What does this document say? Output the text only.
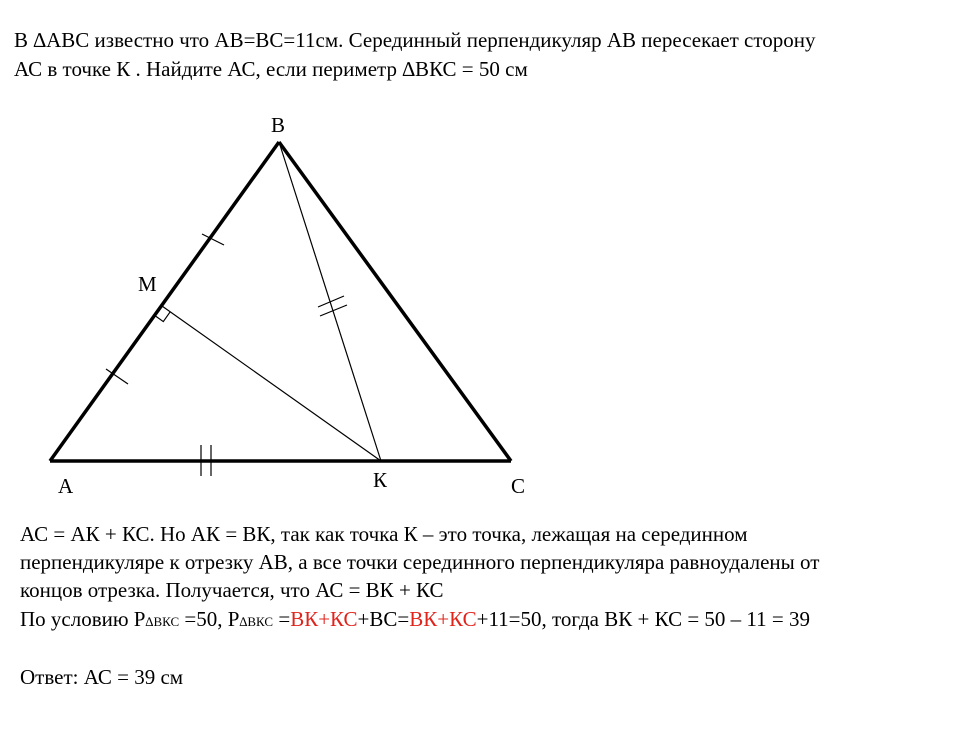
В ∆АВС известно что АВ=ВС=11см. Серединный перпендикуляр АВ пересекает сторону
АС в точке К . Найдите АС, если периметр ∆ВКС = 50 см
В
М
А	К	С
АС = АК + КС. Но АК = ВК, так как точка К – это точка, лежащая на серединном
перпендикуляре к отрезку АВ, а все точки серединного перпендикуляра равноудалены от
концов отрезка. Получается, что АС = ВК + КС
По условию Р∆ВКС =50, Р∆ВКС =ВК+КС+ВС=ВК+КС+11=50, тогда ВК + КС = 50 – 11 = 39
Ответ: АС = 39 см
